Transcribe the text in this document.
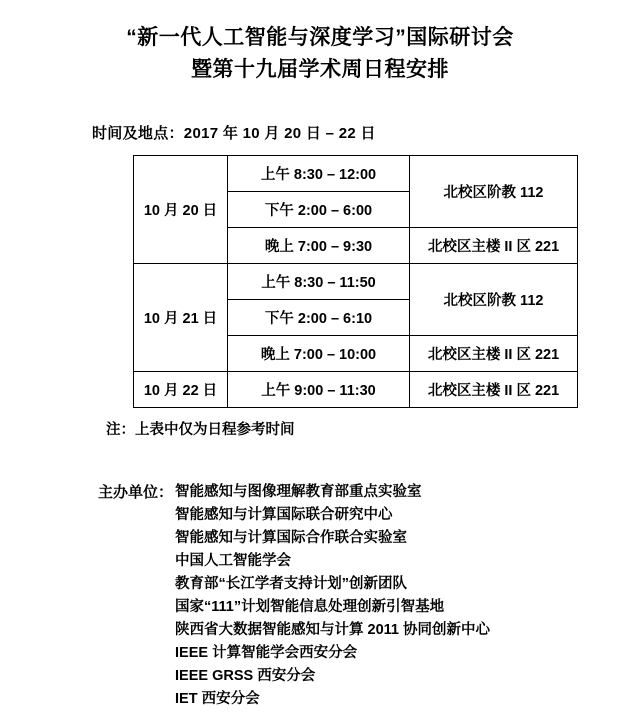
“新一代人工智能与深度学习”国际研讨会
暨第十九届学术周日程安排
时间及地点：2017 年 10 月 20 日 – 22 日
10 月 20 日	上午 8:30 – 12:00	北校区阶教 112
	下午 2:00 – 6:00	
	晚上 7:00 – 9:30	北校区主楼 II 区 221
10 月 21 日	上午 8:30 – 11:50	北校区阶教 112
	下午 2:00 – 6:10	
	晚上 7:00 – 10:00	北校区主楼 II 区 221
10 月 22 日	上午 9:00 – 11:30	北校区主楼 II 区 221
注：上表中仅为日程参考时间
主办单位： 智能感知与图像理解教育部重点实验室
智能感知与计算国际联合研究中心
智能感知与计算国际合作联合实验室
中国人工智能学会
教育部“长江学者支持计划”创新团队
国家“111”计划智能信息处理创新引智基地
陕西省大数据智能感知与计算 2011 协同创新中心
IEEE 计算智能学会西安分会
IEEE GRSS 西安分会
IET 西安分会
